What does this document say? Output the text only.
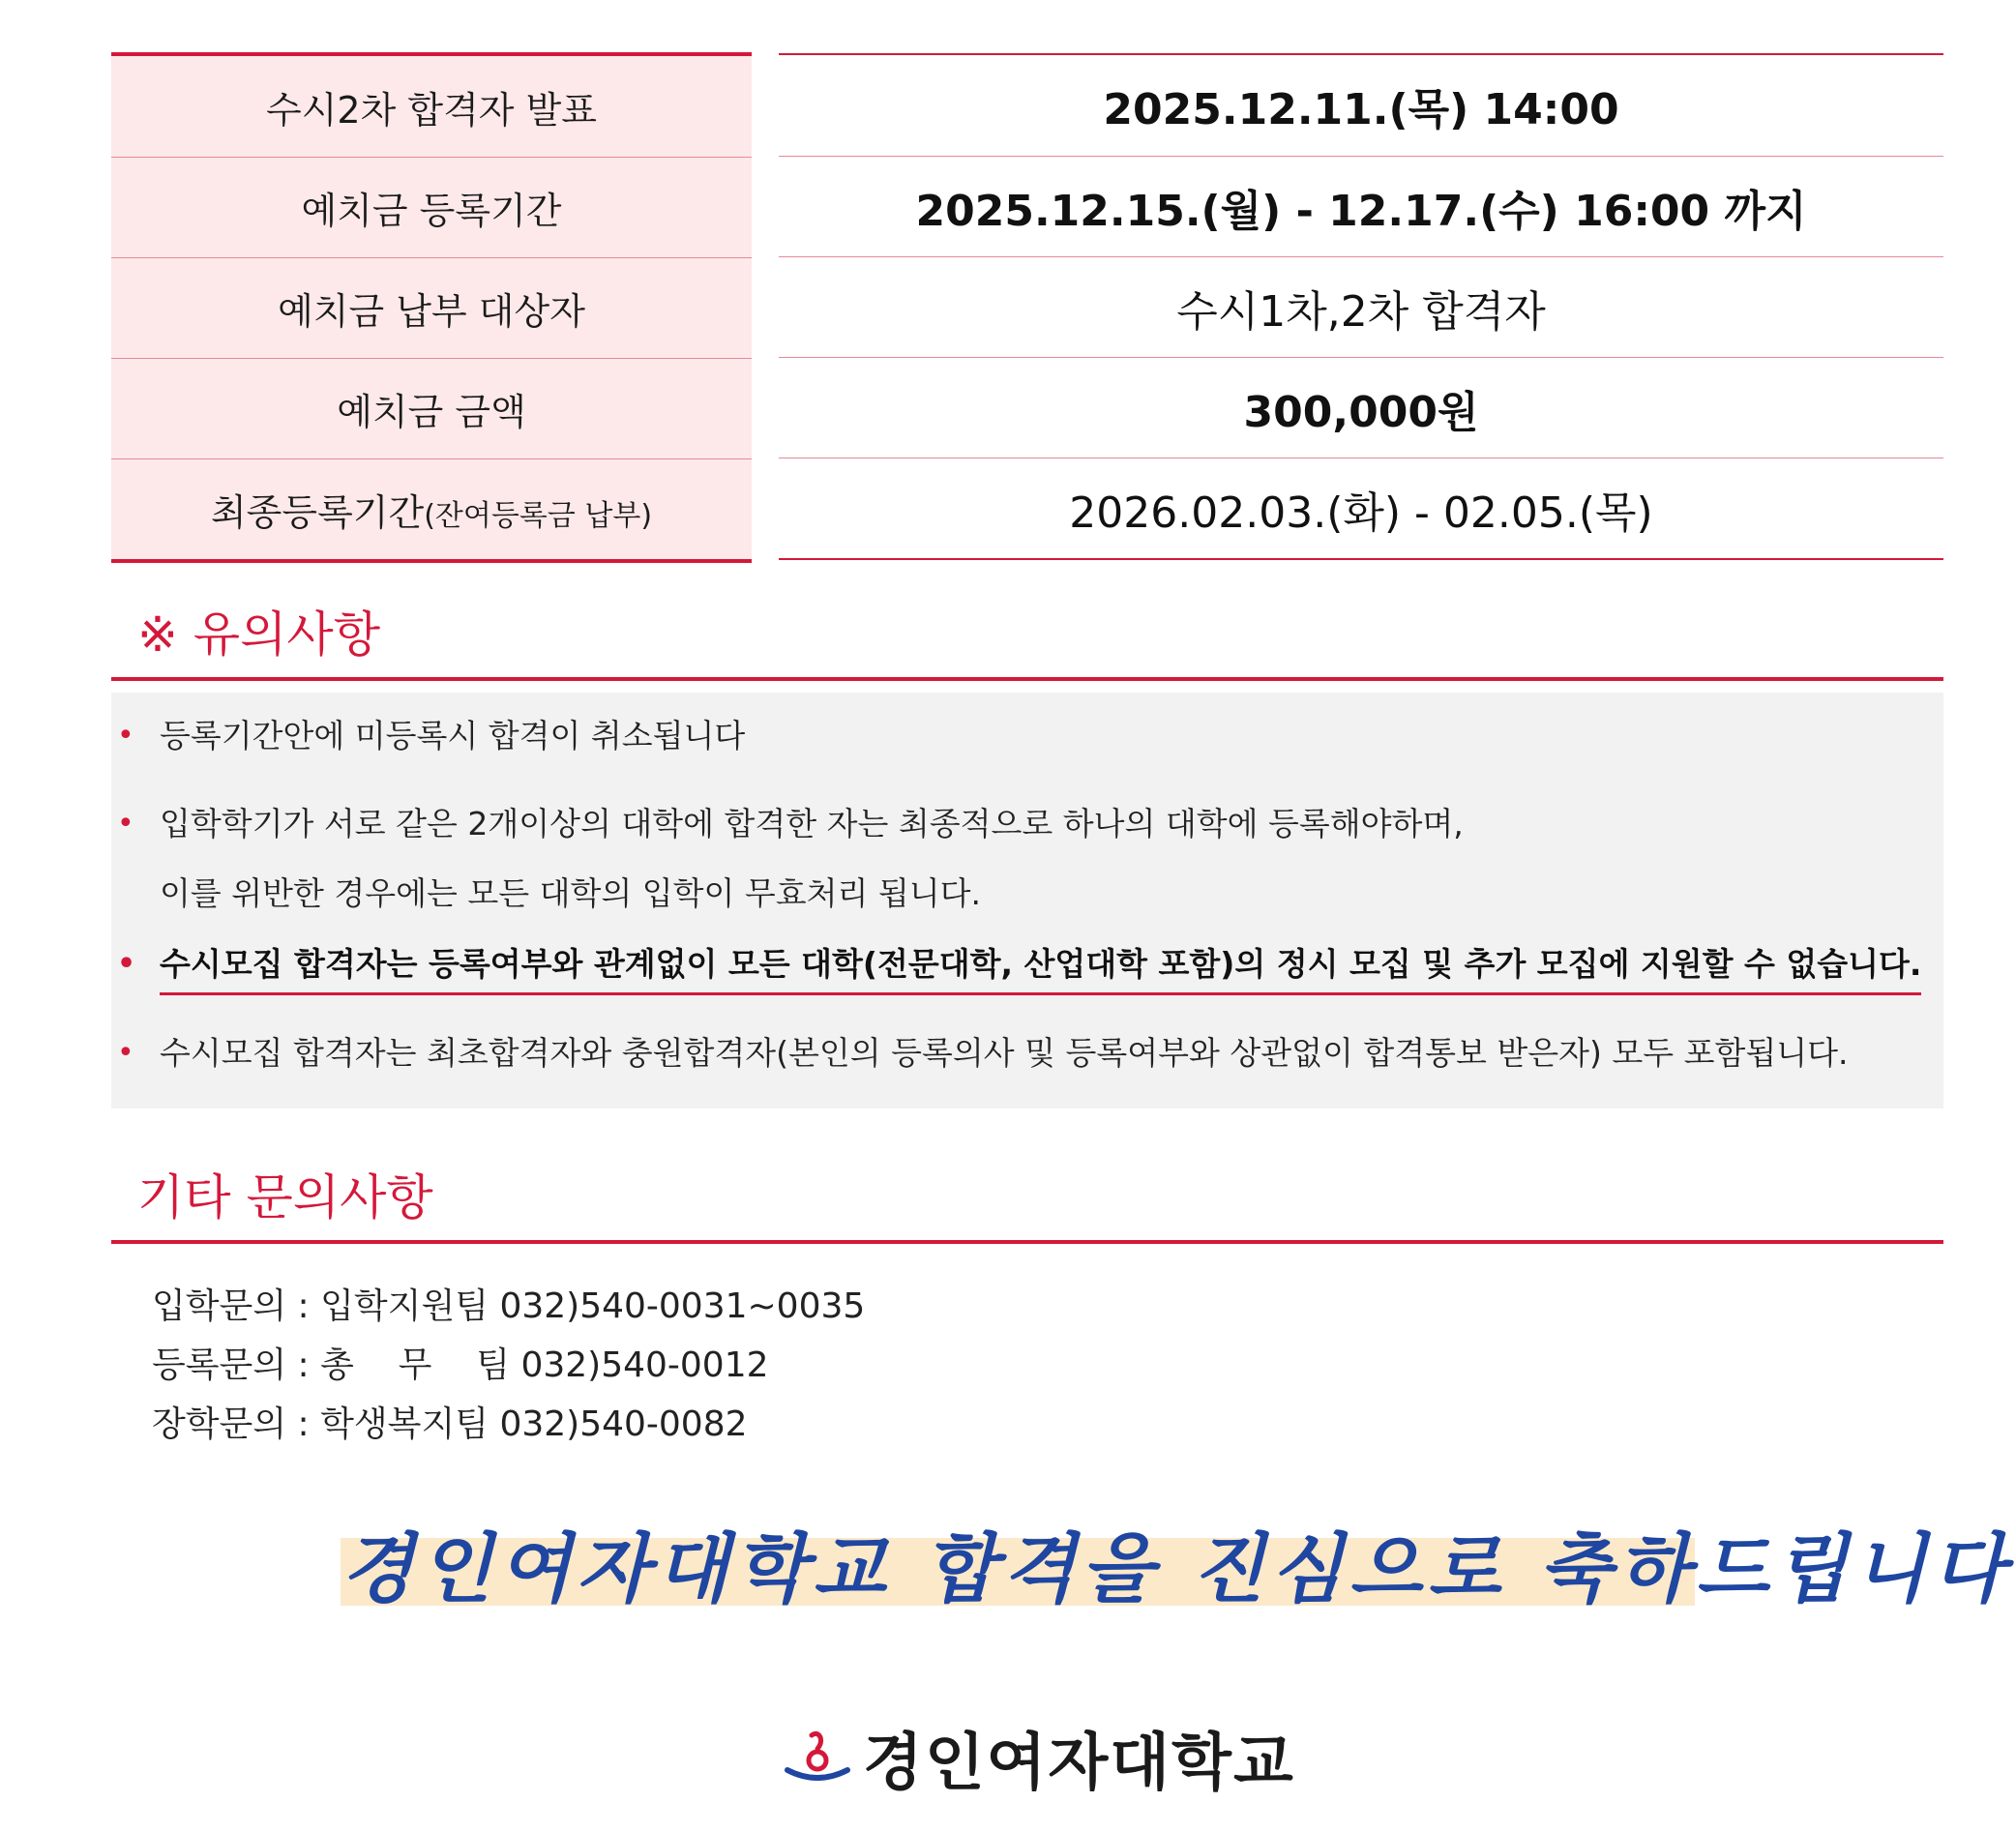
수시2차 합격자 발표
예치금 등록기간
예치금 납부 대상자
예치금 금액
최종등록기간(잔여등록금 납부)
2025.12.11.(목) 14:00
2025.12.15.(월) - 12.17.(수) 16:00 까지
수시1차,2차 합격자
300,000원
2026.02.03.(화) - 02.05.(목)
※ 유의사항
• 등록기간안에 미등록시 합격이 취소됩니다
• 입학학기가 서로 같은 2개이상의 대학에 합격한 자는 최종적으로 하나의 대학에 등록해야하며,
이를 위반한 경우에는 모든 대학의 입학이 무효처리 됩니다.
• 수시모집 합격자는 등록여부와 관계없이 모든 대학(전문대학, 산업대학 포함)의 정시 모집 및 추가 모집에 지원할 수 없습니다.
• 수시모집 합격자는 최초합격자와 충원합격자(본인의 등록의사 및 등록여부와 상관없이 합격통보 받은자) 모두 포함됩니다.
기타 문의사항
입학문의 : 입학지원팀 032)540-0031~0035
등록문의 : 총    무    팀 032)540-0012
장학문의 : 학생복지팀 032)540-0082
경인여자대학교 합격을 진심으로 축하드립니다
경인여자대학교
